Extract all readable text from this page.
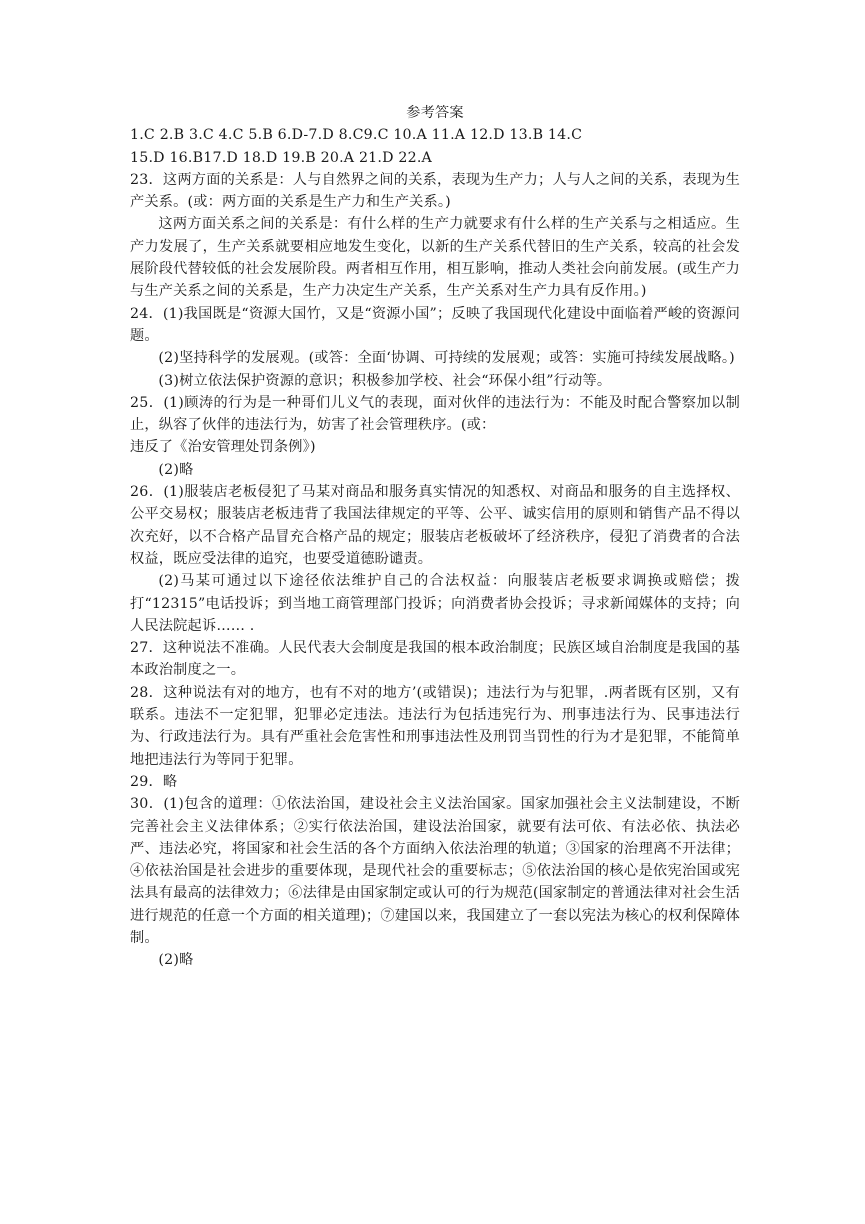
参考答案

1.C 2.B 3.C 4.C 5.B 6.D-7.D 8.C9.C 10.A 11.A 12.D 13.B 14.C

15.D 16.B17.D 18.D 19.B 20.A 21.D 22.A

23．这两方面的关系是：人与自然界之间的关系，表现为生产力；人与人之间的关系，表现为生产关系。(或：两方面的关系是生产力和生产关系。)

这两方面关系之间的关系是：有什么样的生产力就要求有什么样的生产关系与之相适应。生产力发展了，生产关系就要相应地发生变化，以新的生产关系代替旧的生产关系，较高的社会发展阶段代替较低的社会发展阶段。两者相互作用，相互影响，推动人类社会向前发展。(或生产力与生产关系之间的关系是，生产力决定生产关系，生产关系对生产力具有反作用。)

24．(1)我国既是“资源大国竹，又是“资源小国”；反映了我国现代化建设中面临着严峻的资源问题。

(2)坚持科学的发展观。(或答：全面‘协调、可持续的发展观；或答：实施可持续发展战略。)

(3)树立依法保护资源的意识；积极参加学校、社会“环保小组”行动等。

25．(1)顾涛的行为是一种哥们儿义气的表现，面对伙伴的违法行为：不能及时配合警察加以制止，纵容了伙伴的违法行为，妨害了社会管理秩序。(或：

违反了《治安管理处罚条例》)

(2)略

26．(1)服装店老板侵犯了马某对商品和服务真实情况的知悉权、对商品和服务的自主选择权、公平交易权；服装店老板违背了我国法律规定的平等、公平、诚实信用的原则和销售产品不得以次充好，以不合格产品冒充合格产品的规定；服装店老板破坏了经济秩序，侵犯了消费者的合法权益，既应受法律的追究，也要受道德盼谴责。

(2)马某可通过以下途径依法维护自己的合法权益：向服装店老板要求调换或赔偿；拨打“12315”电话投诉；到当地工商管理部门投诉；向消费者协会投诉；寻求新闻媒体的支持；向人民法院起诉…… .

27．这种说法不准确。人民代表大会制度是我国的根本政治制度；民族区域自治制度是我国的基本政治制度之一。

28．这种说法有对的地方，也有不对的地方’(或错误)；违法行为与犯罪，.两者既有区别，又有联系。违法不一定犯罪，犯罪必定违法。违法行为包括违宪行为、刑事违法行为、民事违法行为、行政违法行为。具有严重社会危害性和刑事违法性及刑罚当罚性的行为才是犯罪，不能简单地把违法行为等同于犯罪。

29．略

30．(1)包含的道理：①依法治国，建设社会主义法治国家。国家加强社会主义法制建设，不断完善社会主义法律体系；②实行依法治国，建设法治国家，就要有法可依、有法必依、执法必严、违法必究，将国家和社会生活的各个方面纳入依法治理的轨道；③国家的治理离不开法律；④依祛治国是社会进步的重要体现，是现代社会的重要标志；⑤依法治国的核心是依宪治国或宪法具有最高的法律效力；⑥法律是由国家制定或认可的行为规范(国家制定的普通法律对社会生活进行规范的任意一个方面的相关道理)；⑦建国以来，我国建立了一套以宪法为核心的权利保障体制。

(2)略
